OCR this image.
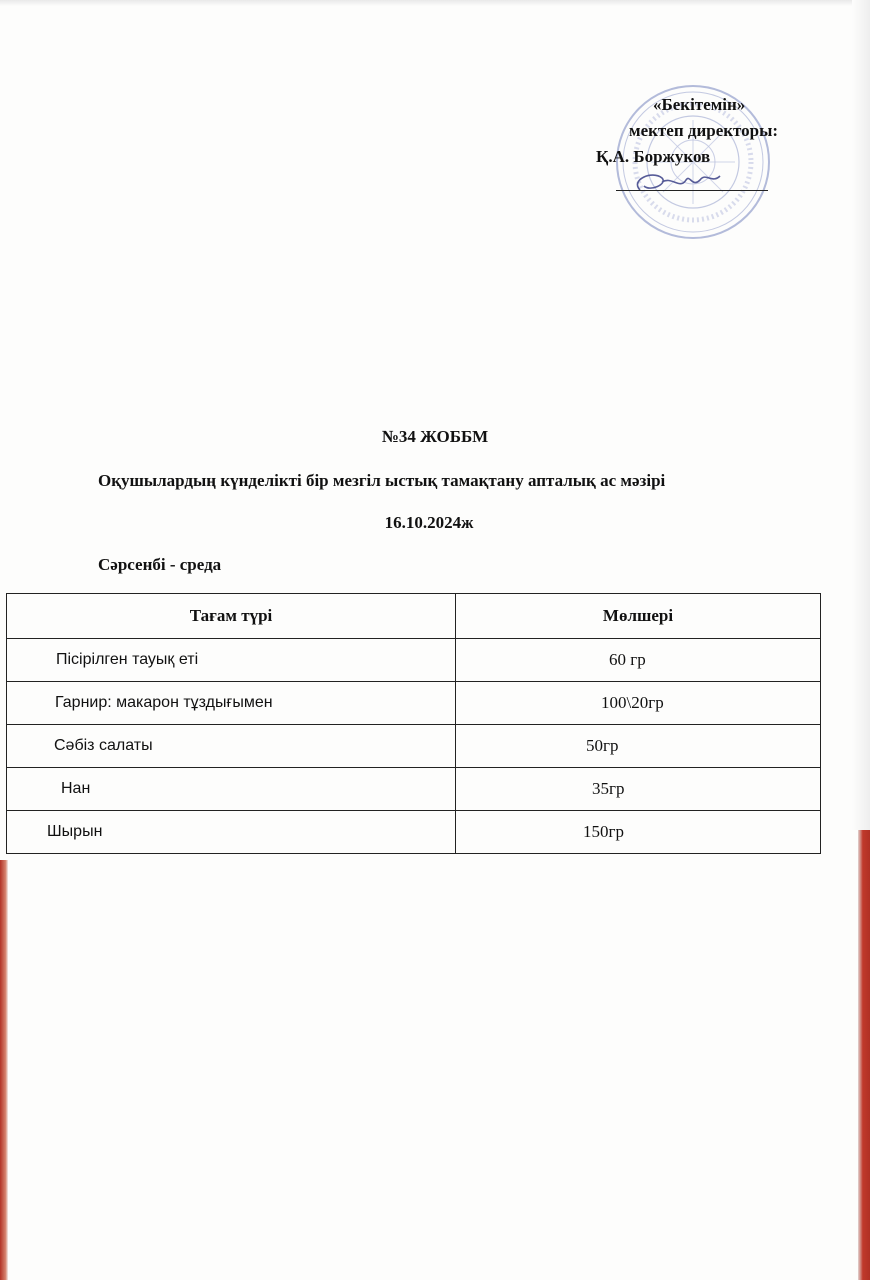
«Бекітемін»
мектеп директоры:
Қ.А. Боржуков
№34 ЖОББМ
Оқушылардың күнделікті бір мезгіл ыстық тамақтану апталық ас мәзірі
16.10.2024ж
Сәрсенбі - среда
Тағам түрі	Мөлшері
Пісірілген тауық еті	60 гр
Гарнир: макарон тұздығымен	100\20гр
Сәбіз салаты	50гр
Нан	35гр
Шырын	150гр
